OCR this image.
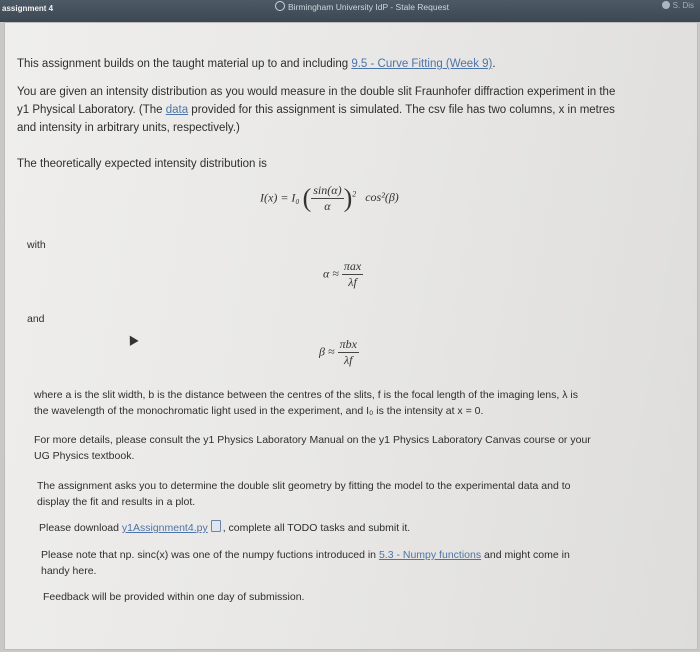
assignment 4	Birmingham University IdP - Stale Request	S. Dis
This assignment builds on the taught material up to and including 9.5 - Curve Fitting (Week 9).
You are given an intensity distribution as you would measure in the double slit Fraunhofer diffraction experiment in the
y1 Physical Laboratory. (The data provided for this assignment is simulated. The csv file has two columns, x in metres
and intensity in arbitrary units, respectively.)
The theoretically expected intensity distribution is
I(x) = I₀ ( $\frac{\sin(\alpha)}{\alpha} )^2$ cos²(β)
with
$\alpha \approx \frac{\text{πax}}{\lambda f}$
and
$\beta \approx \frac{\text{πbx}}{\lambda f}$
where a is the slit width, b is the distance between the centres of the slits, f is the focal length of the imaging lens, λ is
the wavelength of the monochromatic light used in the experiment, and I₀ is the intensity at x = 0.
For more details, please consult the y1 Physics Laboratory Manual on the y1 Physics Laboratory Canvas course or your
UG Physics textbook.
The assignment asks you to determine the double slit geometry by fitting the model to the experimental data and to
display the fit and results in a plot.
Please download y1Assignment4.py , complete all TODO tasks and submit it.
Please note that np. sinc(x) was one of the numpy fuctions introduced in 5.3 - Numpy functions and might come in
handy here.
Feedback will be provided within one day of submission.
